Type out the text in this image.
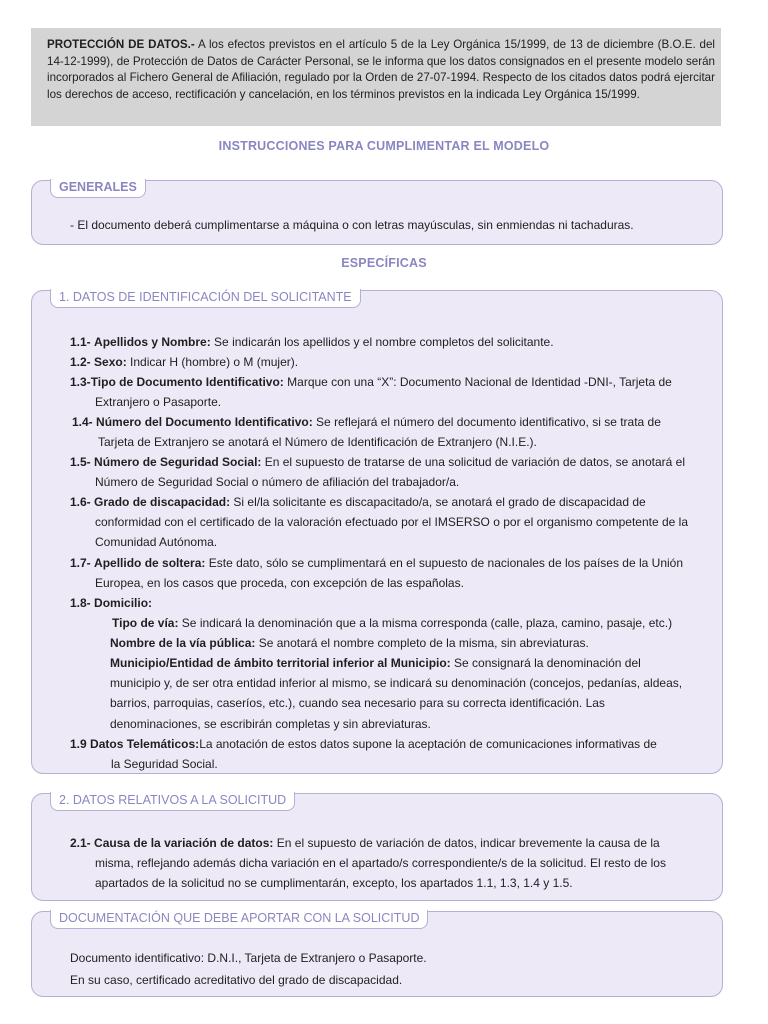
PROTECCIÓN DE DATOS.- A los efectos previstos en el artículo 5 de la Ley Orgánica 15/1999, de 13 de diciembre (B.O.E. del 14-12-1999), de Protección de Datos de Carácter Personal, se le informa que los datos consignados en el presente modelo serán incorporados al Fichero General de Afiliación, regulado por la Orden de 27-07-1994. Respecto de los citados datos podrá ejercitar los derechos de acceso, rectificación y cancelación, en los términos previstos en la indicada Ley Orgánica 15/1999.
INSTRUCCIONES PARA CUMPLIMENTAR EL MODELO
GENERALES
- El documento deberá cumplimentarse a máquina o con letras mayúsculas, sin enmiendas ni tachaduras.
ESPECÍFICAS
1. DATOS DE IDENTIFICACIÓN DEL SOLICITANTE
1.1- Apellidos y Nombre: Se indicarán los apellidos y el nombre completos del solicitante.
1.2- Sexo: Indicar H (hombre) o M (mujer).
1.3-Tipo de Documento Identificativo: Marque con una “X”: Documento Nacional de Identidad -DNI-, Tarjeta de
Extranjero o Pasaporte.
1.4- Número del Documento Identificativo: Se reflejará el número del documento identificativo, si se trata de
Tarjeta de Extranjero se anotará el Número de Identificación de Extranjero (N.I.E.).
1.5- Número de Seguridad Social: En el supuesto de tratarse de una solicitud de variación de datos, se anotará el
Número de Seguridad Social o número de afiliación del trabajador/a.
1.6- Grado de discapacidad: Si el/la solicitante es discapacitado/a, se anotará el grado de discapacidad de
conformidad con el certificado de la valoración efectuado por el IMSERSO o por el organismo competente de la
Comunidad Autónoma.
1.7- Apellido de soltera: Este dato, sólo se cumplimentará en el supuesto de nacionales de los países de la Unión
Europea, en los casos que proceda, con excepción de las españolas.
1.8- Domicilio:
Tipo de vía: Se indicará la denominación que a la misma corresponda (calle, plaza, camino, pasaje, etc.)
Nombre de la vía pública: Se anotará el nombre completo de la misma, sin abreviaturas.
Municipio/Entidad de ámbito territorial inferior al Municipio: Se consignará la denominación del
municipio y, de ser otra entidad inferior al mismo, se indicará su denominación (concejos, pedanías, aldeas,
barrios, parroquias, caseríos, etc.), cuando sea necesario para su correcta identificación. Las
denominaciones, se escribirán completas y sin abreviaturas.
1.9 Datos Telemáticos:La anotación de estos datos supone la aceptación de comunicaciones informativas de
la Seguridad Social.
2. DATOS RELATIVOS A LA SOLICITUD
2.1- Causa de la variación de datos: En el supuesto de variación de datos, indicar brevemente la causa de la
misma, reflejando además dicha variación en el apartado/s correspondiente/s de la solicitud. El resto de los
apartados de la solicitud no se cumplimentarán, excepto, los apartados 1.1, 1.3, 1.4 y 1.5.
DOCUMENTACIÓN QUE DEBE APORTAR CON LA SOLICITUD
Documento identificativo: D.N.I., Tarjeta de Extranjero o Pasaporte.
En su caso, certificado acreditativo del grado de discapacidad.
